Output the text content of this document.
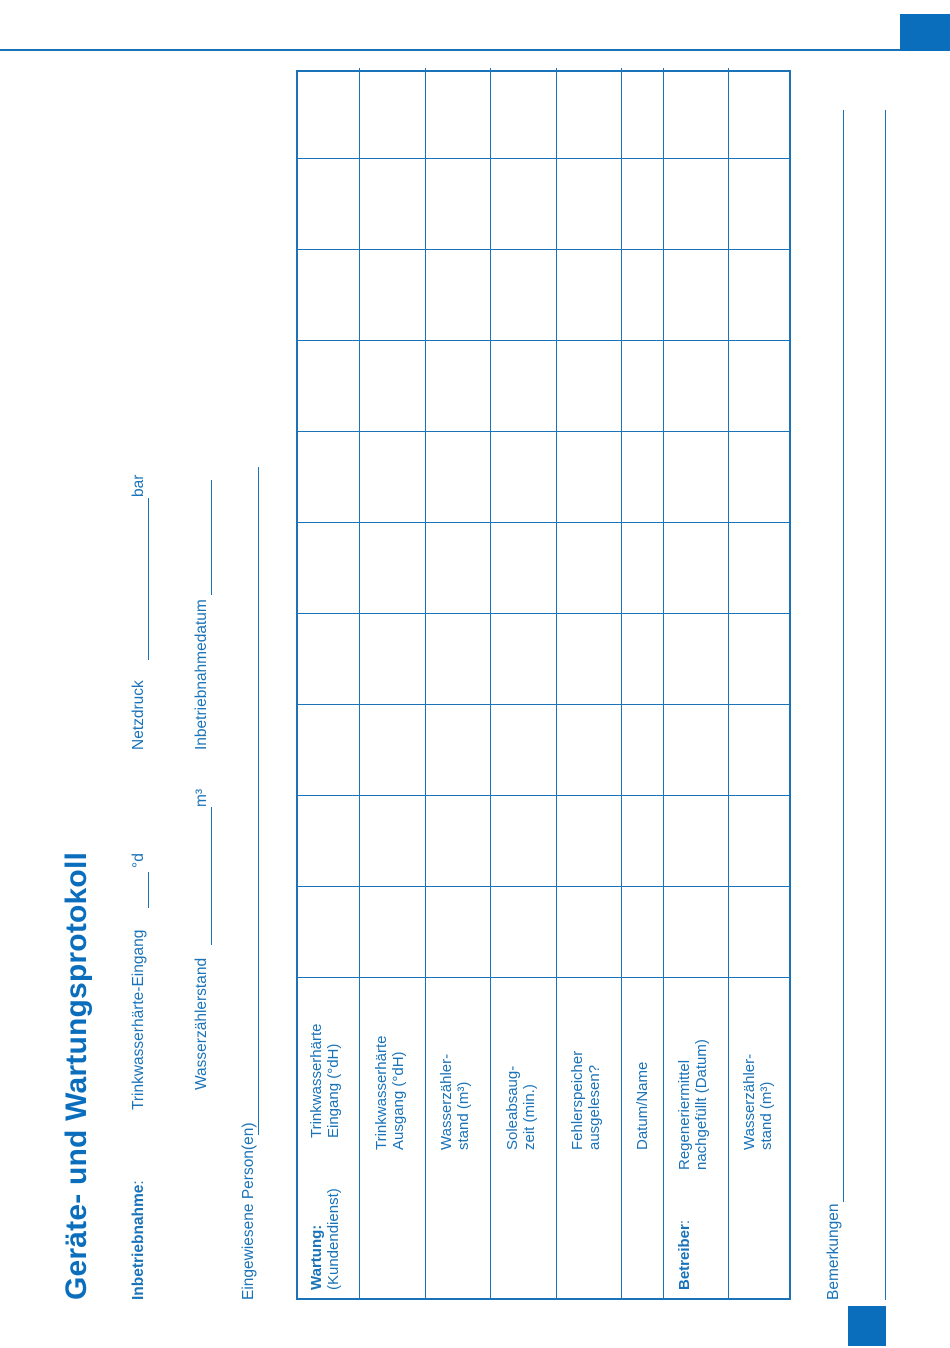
Geräte- und Wartungsprotokoll Inbetriebnahme:
Trinkwasserhärte-Eingang
°d
Netzdruck
bar
Wasserzählerstand
m³
Inbetriebnahmedatum
Eingewiesene Person(en)	Wartung:
(Kundendienst)	Betreiber:
Trinkwasserhärte
Eingang (°dH) Trinkwasserhärte
Ausgang (°dH) Wasserzähler-
stand (m³) Soleabsaug-
zeit (min.) Fehlerspeicher
ausgelesen? Datum/Name Regeneriermittel
nachgefüllt (Datum) Wasserzähler-
stand (m³)
Bemerkungen
